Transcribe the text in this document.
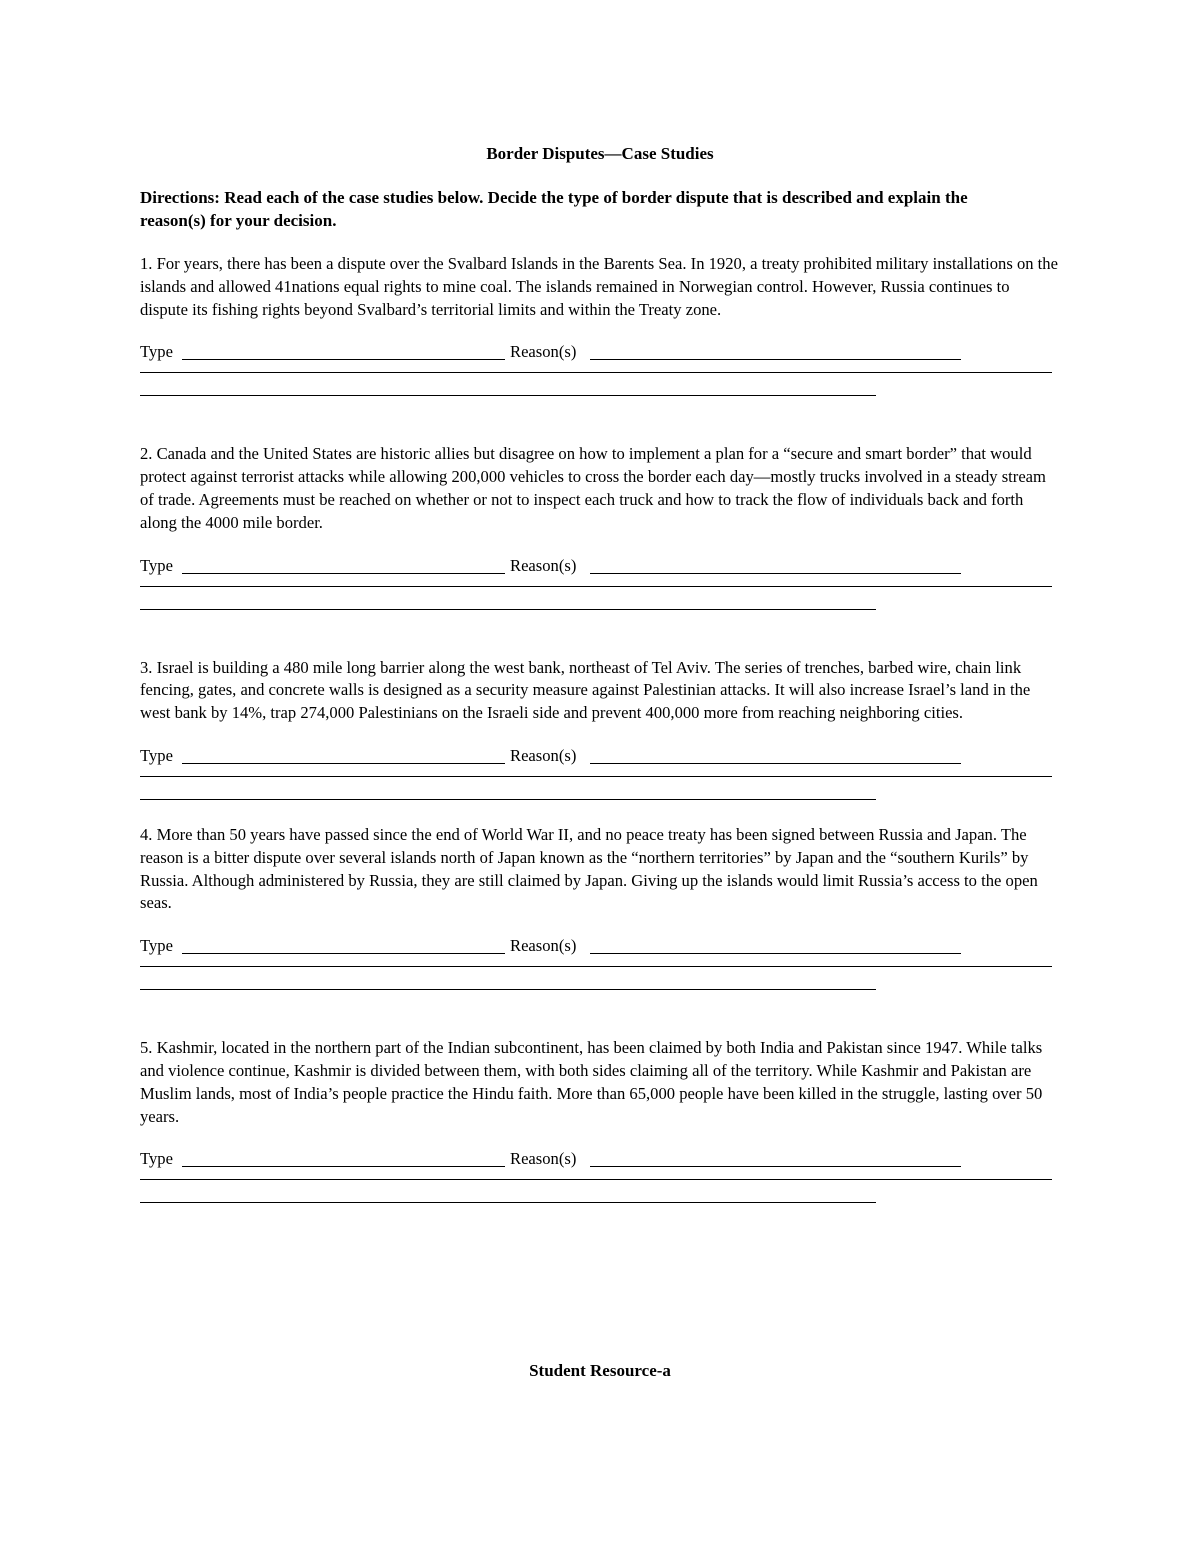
Border Disputes—Case Studies
Directions: Read each of the case studies below. Decide the type of border dispute that is described and explain the reason(s) for your decision.

1. For years, there has been a dispute over the Svalbard Islands in the Barents Sea. In 1920, a treaty prohibited military installations on the islands and allowed 41nations equal rights to mine coal. The islands remained in Norwegian control. However, Russia continues to dispute its fishing rights beyond Svalbard’s territorial limits and within the Treaty zone.

Type	Reason(s)

2. Canada and the United States are historic allies but disagree on how to implement a plan for a “secure and smart border” that would protect against terrorist attacks while allowing 200,000 vehicles to cross the border each day—mostly trucks involved in a steady stream of trade. Agreements must be reached on whether or not to inspect each truck and how to track the flow of individuals back and forth along the 4000 mile border.

Type	Reason(s)

3. Israel is building a 480 mile long barrier along the west bank, northeast of Tel Aviv. The series of trenches, barbed wire, chain link fencing, gates, and concrete walls is designed as a security measure against Palestinian attacks. It will also increase Israel’s land in the west bank by 14%, trap 274,000 Palestinians on the Israeli side and prevent 400,000 more from reaching neighboring cities.

Type	Reason(s)

4. More than 50 years have passed since the end of World War II, and no peace treaty has been signed between Russia and Japan. The reason is a bitter dispute over several islands north of Japan known as the “northern territories” by Japan and the “southern Kurils” by Russia. Although administered by Russia, they are still claimed by Japan. Giving up the islands would limit Russia’s access to the open seas.

Type	Reason(s)

5. Kashmir, located in the northern part of the Indian subcontinent, has been claimed by both India and Pakistan since 1947. While talks and violence continue, Kashmir is divided between them, with both sides claiming all of the territory. While Kashmir and Pakistan are Muslim lands, most of India’s people practice the Hindu faith. More than 65,000 people have been killed in the struggle, lasting over 50 years.

Type	Reason(s)
Student Resource-a
